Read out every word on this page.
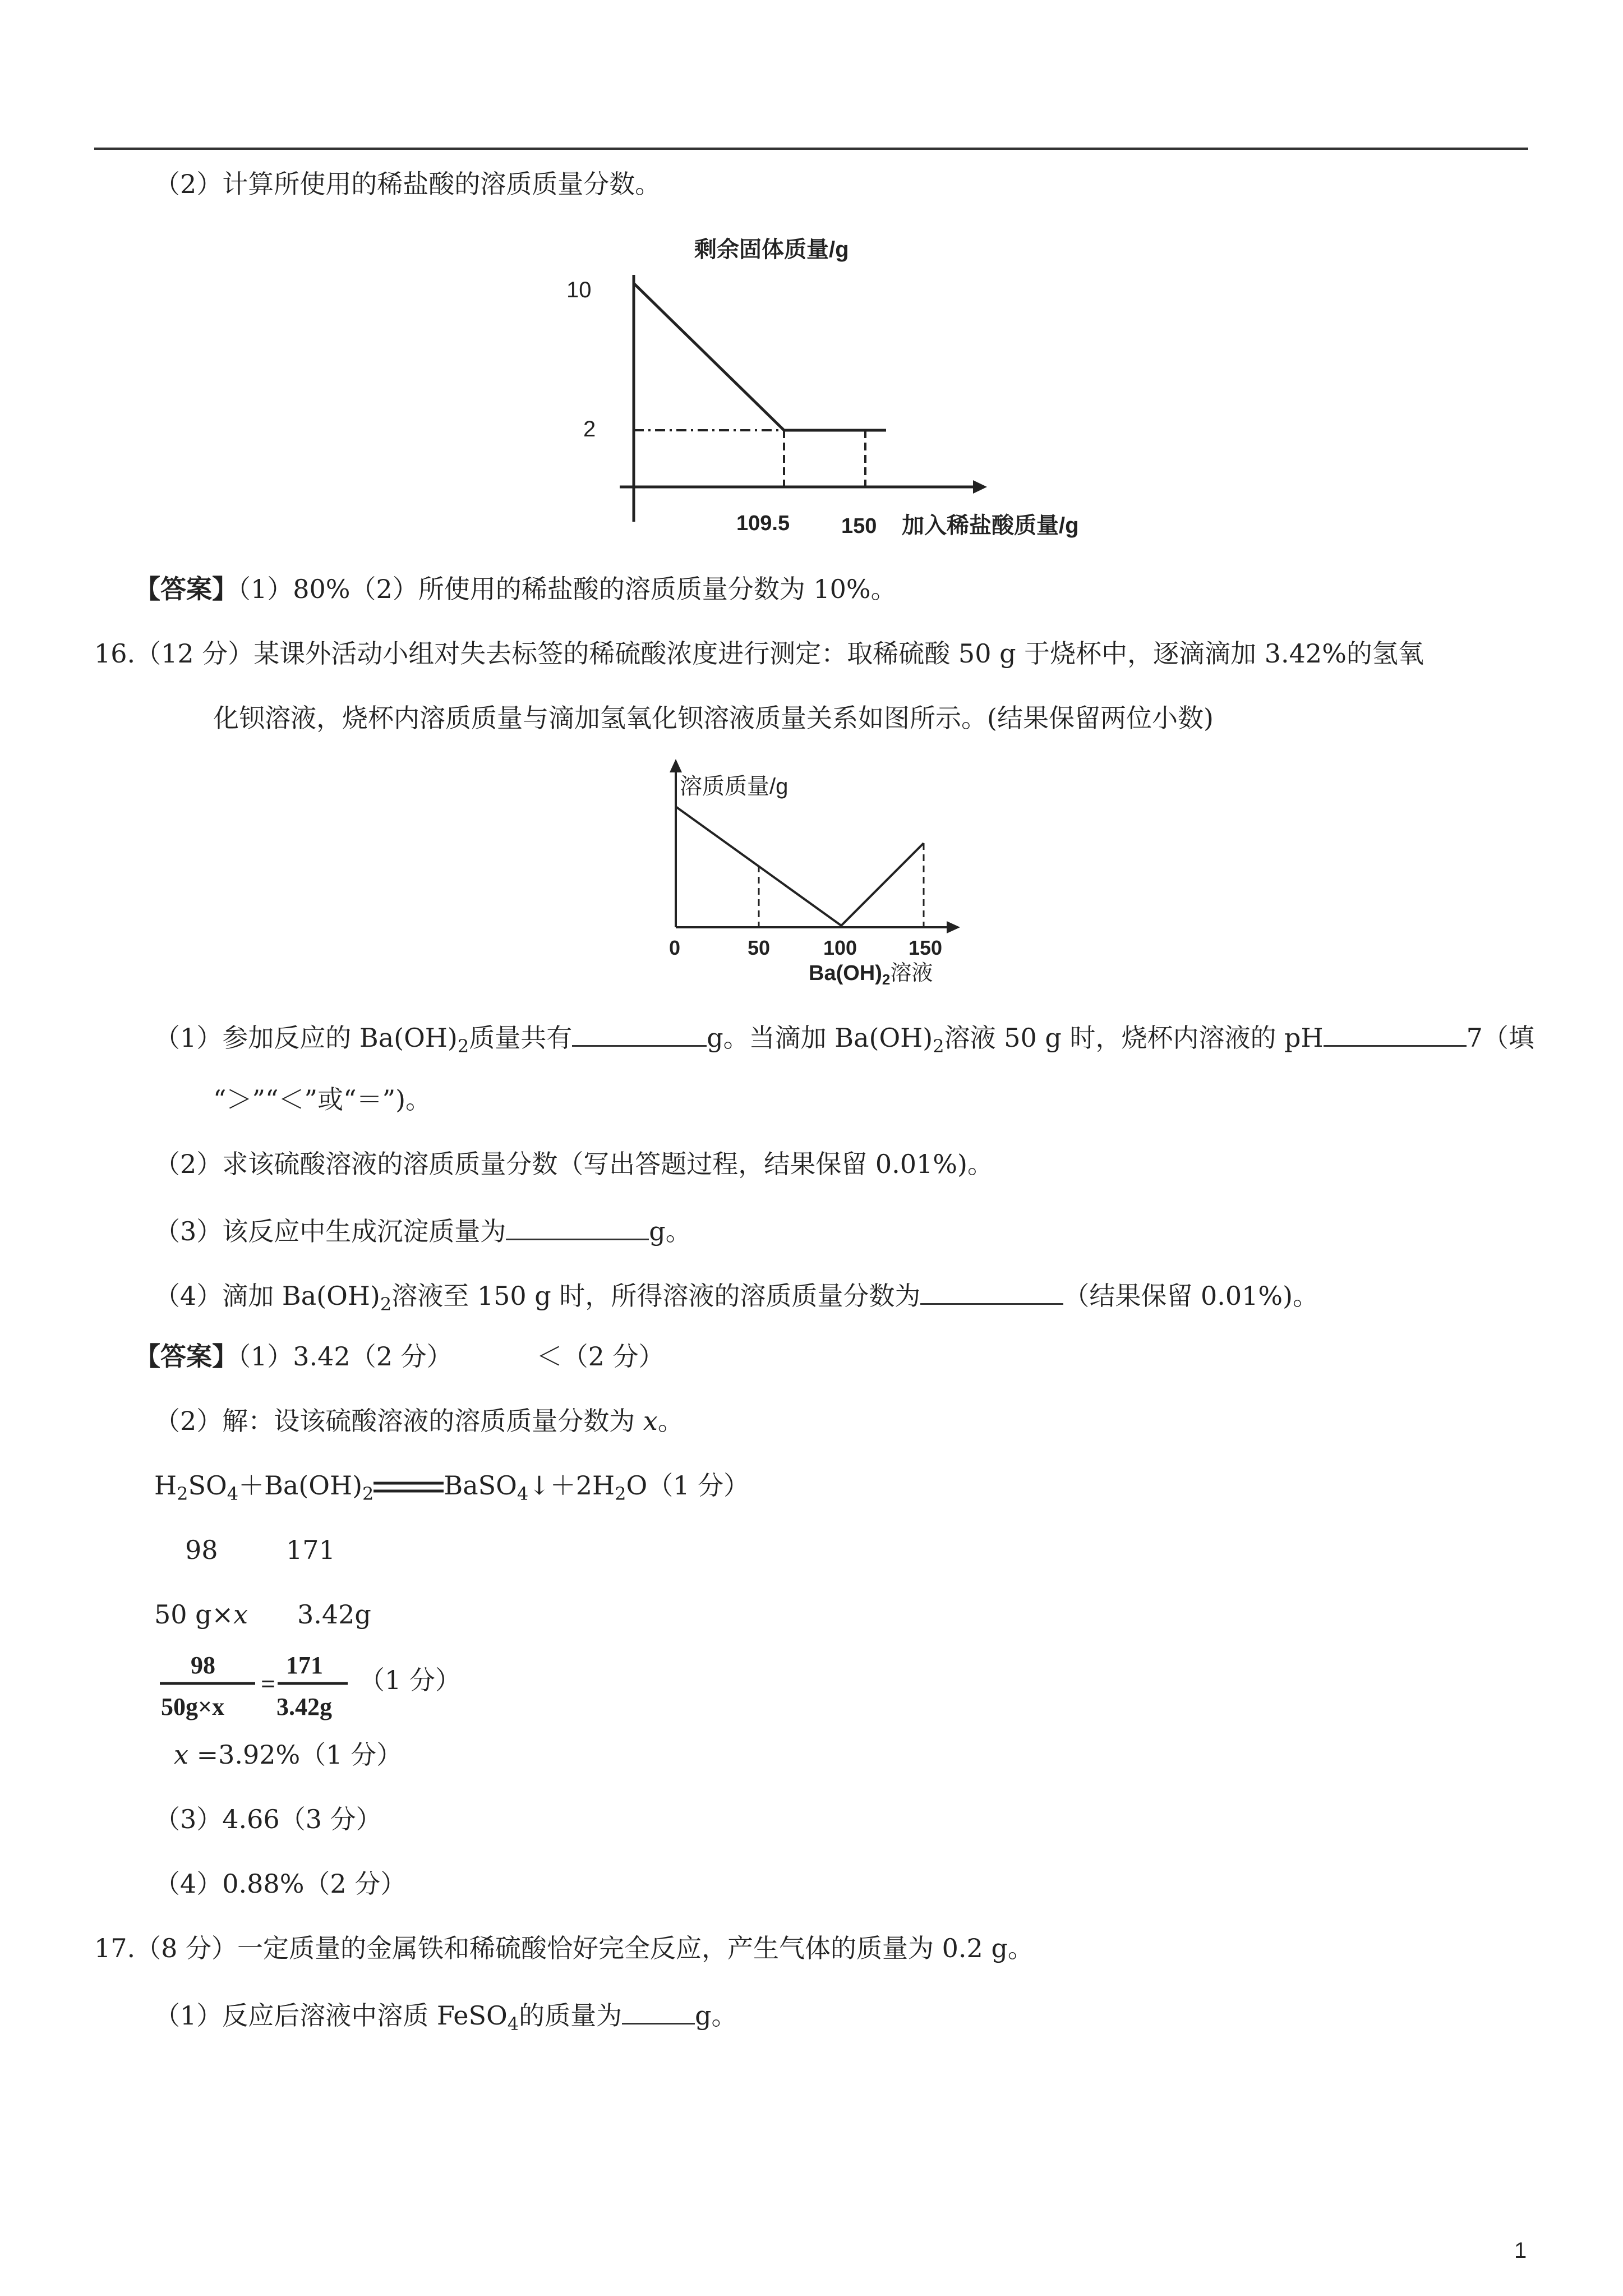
（2）计算所使用的稀盐酸的溶质质量分数。
剩余固体质量/g
10
2
109.5 150 加入稀盐酸质量/g
【答案】（1）80%（2）所使用的稀盐酸的溶质质量分数为 10%。
16.（12 分）某课外活动小组对失去标签的稀硫酸浓度进行测定：取稀硫酸 50 g 于烧杯中，逐滴滴加 3.42%的氢氧
化钡溶液，烧杯内溶质质量与滴加氢氧化钡溶液质量关系如图所示。(结果保留两位小数)
溶质质量/g
0	50	100	150
$Ba(OH)_2$溶液
（1）参加反应的 $Ba(OH)_2$质量共有	g。当滴加 $Ba(OH)_2$溶液 50 g 时，烧杯内溶液的 pH	7（填
“＞”“＜”或“＝”)。
（2）求该硫酸溶液的溶质质量分数（写出答题过程，结果保留 0.01%)。
（3）该反应中生成沉淀质量为	g。
（4）滴加 $Ba(OH)_2$溶液至 150 g 时，所得溶液的溶质质量分数为	（结果保留 0.01%)。
【答案】（1）3.42（2 分）	＜（2 分）
（2）解：设该硫酸溶液的溶质质量分数为 x。
$H_2SO_4+Ba(OH)_2$	$BaSO_4↓+2H_2O(1$ 分）
98	171
50 g×x 3.42g
98
50g×x
=
171
3.42g
（1 分）
x =3.92%（1 分）
（3）4.66（3 分）
（4）0.88%（2 分）
17.（8 分）一定质量的金属铁和稀硫酸恰好完全反应，产生气体的质量为 0.2 g。
（1）反应后溶液中溶质 FeSO$_4$的质量为	g。
1
